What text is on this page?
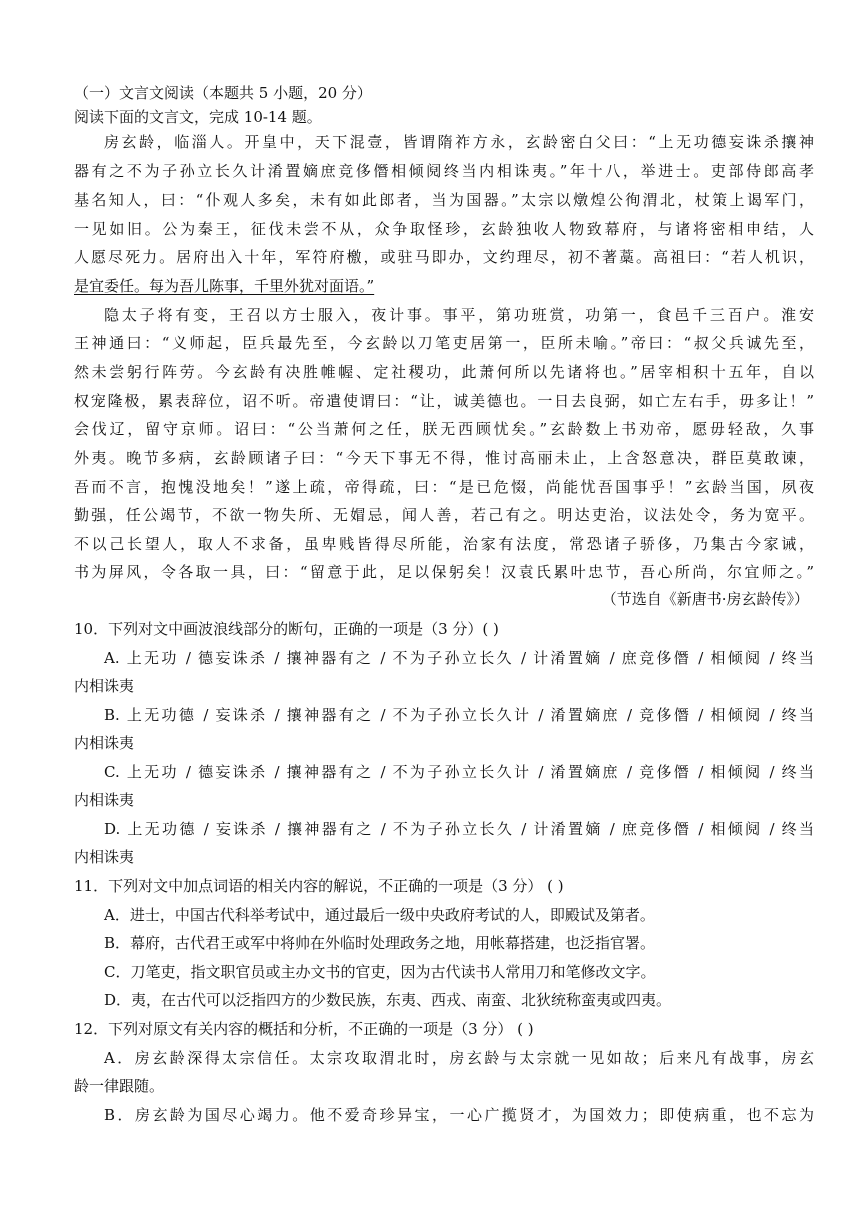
（一）文言文阅读（本题共 5 小题，20 分）
阅读下面的文言文，完成 10-14 题。
房玄龄，临淄人。开皇中，天下混壹，皆谓隋祚方永，玄龄密白父曰：“上无功德妄诛杀攘神
器有之不为子孙立长久计淆置嫡庶竞侈僭相倾阋终当内相诛夷。”年十八，举进士。吏部侍郎高孝
基名知人，曰：“仆观人多矣，未有如此郎者，当为国器。”太宗以燉煌公徇渭北，杖策上谒军门，
一见如旧。公为秦王，征伐未尝不从，众争取怪珍，玄龄独收人物致幕府，与诸将密相申结，人
人愿尽死力。居府出入十年，军符府檄，或驻马即办，文约理尽，初不著藁。高祖曰：“若人机识，
是宜委任。每为吾儿陈事，千里外犹对面语。”
隐太子将有变，王召以方士服入，夜计事。事平，第功班赏，功第一，食邑千三百户。淮安
王神通曰：“义师起，臣兵最先至，今玄龄以刀笔吏居第一，臣所未喻。”帝曰：“叔父兵诚先至，
然未尝躬行阵劳。今玄龄有决胜帷幄、定社稷功，此萧何所以先诸将也。”居宰相积十五年，自以
权宠隆极，累表辞位，诏不听。帝遣使谓曰：“让，诚美德也。一日去良弼，如亡左右手，毋多让！”
会伐辽，留守京师。诏曰：“公当萧何之任，朕无西顾忧矣。”玄龄数上书劝帝，愿毋轻敌，久事
外夷。晚节多病，玄龄顾诸子曰：“今天下事无不得，惟讨高丽未止，上含怒意决，群臣莫敢谏，
吾而不言，抱愧没地矣！”遂上疏，帝得疏，曰：“是已危惙，尚能忧吾国事乎！”玄龄当国，夙夜
勤强，任公竭节，不欲一物失所、无媢忌，闻人善，若己有之。明达吏治，议法处令，务为宽平。
不以己长望人，取人不求备，虽卑贱皆得尽所能，治家有法度，常恐诸子骄侈，乃集古今家诫，
书为屏风，令各取一具，曰：“留意于此，足以保躬矣！汉袁氏累叶忠节，吾心所尚，尔宜师之。”
（节选自《新唐书·房玄龄传》）
10．下列对文中画波浪线部分的断句，正确的一项是（3 分）( )
A. 上无功 / 德妄诛杀 / 攘神器有之 / 不为子孙立长久 / 计淆置嫡 / 庶竞侈僭 / 相倾阋 / 终当
内相诛夷
B. 上无功德 / 妄诛杀 / 攘神器有之 / 不为子孙立长久计 / 淆置嫡庶 / 竞侈僭 / 相倾阋 / 终当
内相诛夷
C. 上无功 / 德妄诛杀 / 攘神器有之 / 不为子孙立长久计 / 淆置嫡庶 / 竞侈僭 / 相倾阋 / 终当
内相诛夷
D. 上无功德 / 妄诛杀 / 攘神器有之 / 不为子孙立长久 / 计淆置嫡 / 庶竞侈僭 / 相倾阋 / 终当
内相诛夷
11．下列对文中加点词语的相关内容的解说，不正确的一项是（3 分） ( )
A．进士，中国古代科举考试中，通过最后一级中央政府考试的人，即殿试及第者。
B．幕府，古代君王或军中将帅在外临时处理政务之地，用帐幕搭建，也泛指官署。
C．刀笔吏，指文职官员或主办文书的官吏，因为古代读书人常用刀和笔修改文字。
D．夷，在古代可以泛指四方的少数民族，东夷、西戎、南蛮、北狄统称蛮夷或四夷。
12．下列对原文有关内容的概括和分析，不正确的一项是（3 分） ( )
A．房玄龄深得太宗信任。太宗攻取渭北时，房玄龄与太宗就一见如故；后来凡有战事，房玄
龄一律跟随。
B．房玄龄为国尽心竭力。他不爱奇珍异宝，一心广揽贤才，为国效力；即使病重，也不忘为
